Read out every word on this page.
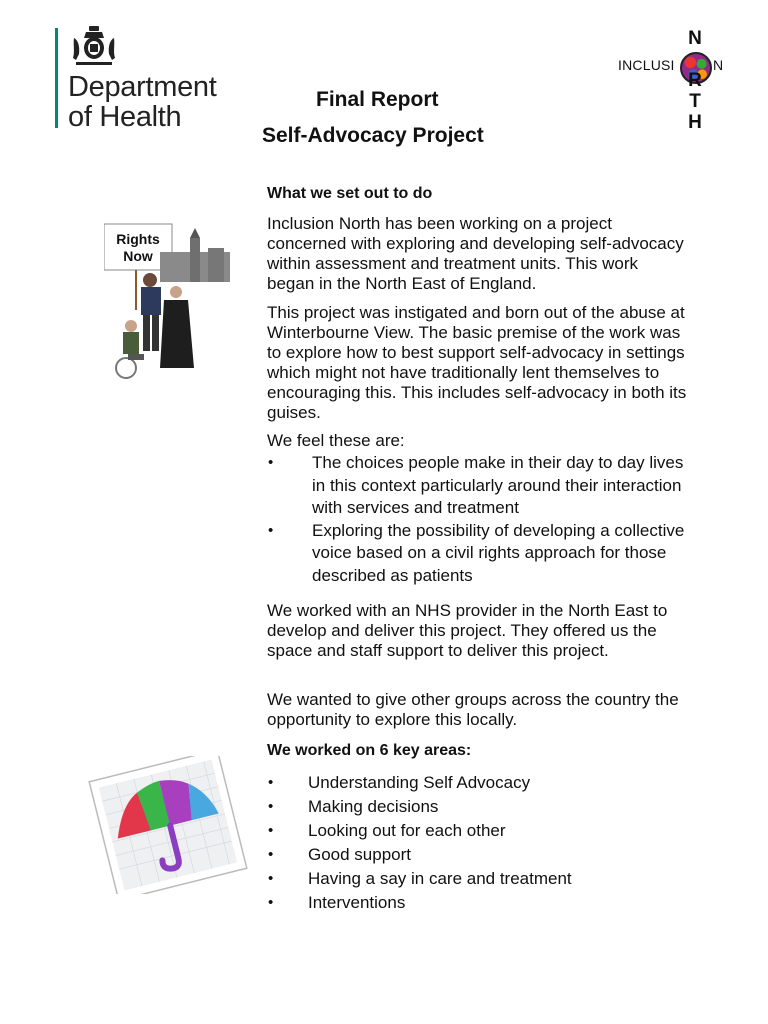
Department
of Health
INCLUSI	N
N
R
T
H
Final Report
Self-Advocacy Project
Rights
Now
What we set out to do
Inclusion North has been working on a project concerned with exploring and developing self-advocacy within assessment and treatment units. This work began in the North East of England.
This project was instigated and born out of the abuse at Winterbourne View. The basic premise of the work was to explore how to best support self-advocacy in settings which might not have traditionally lent themselves to encouraging this. This includes self-advocacy in both its guises.
We feel these are:
• The choices people make in their day to day lives in this context particularly around their interaction with services and treatment
• Exploring the possibility of developing a collective voice based on a civil rights approach for those described as patients
We worked with an NHS provider in the North East to develop and deliver this project. They offered us the space and staff support to deliver this project.
We wanted to give other groups across the country the opportunity to explore this locally.
We worked on 6 key areas:
• Understanding Self Advocacy
• Making decisions
• Looking out for each other
• Good support
• Having a say in care and treatment
• Interventions
